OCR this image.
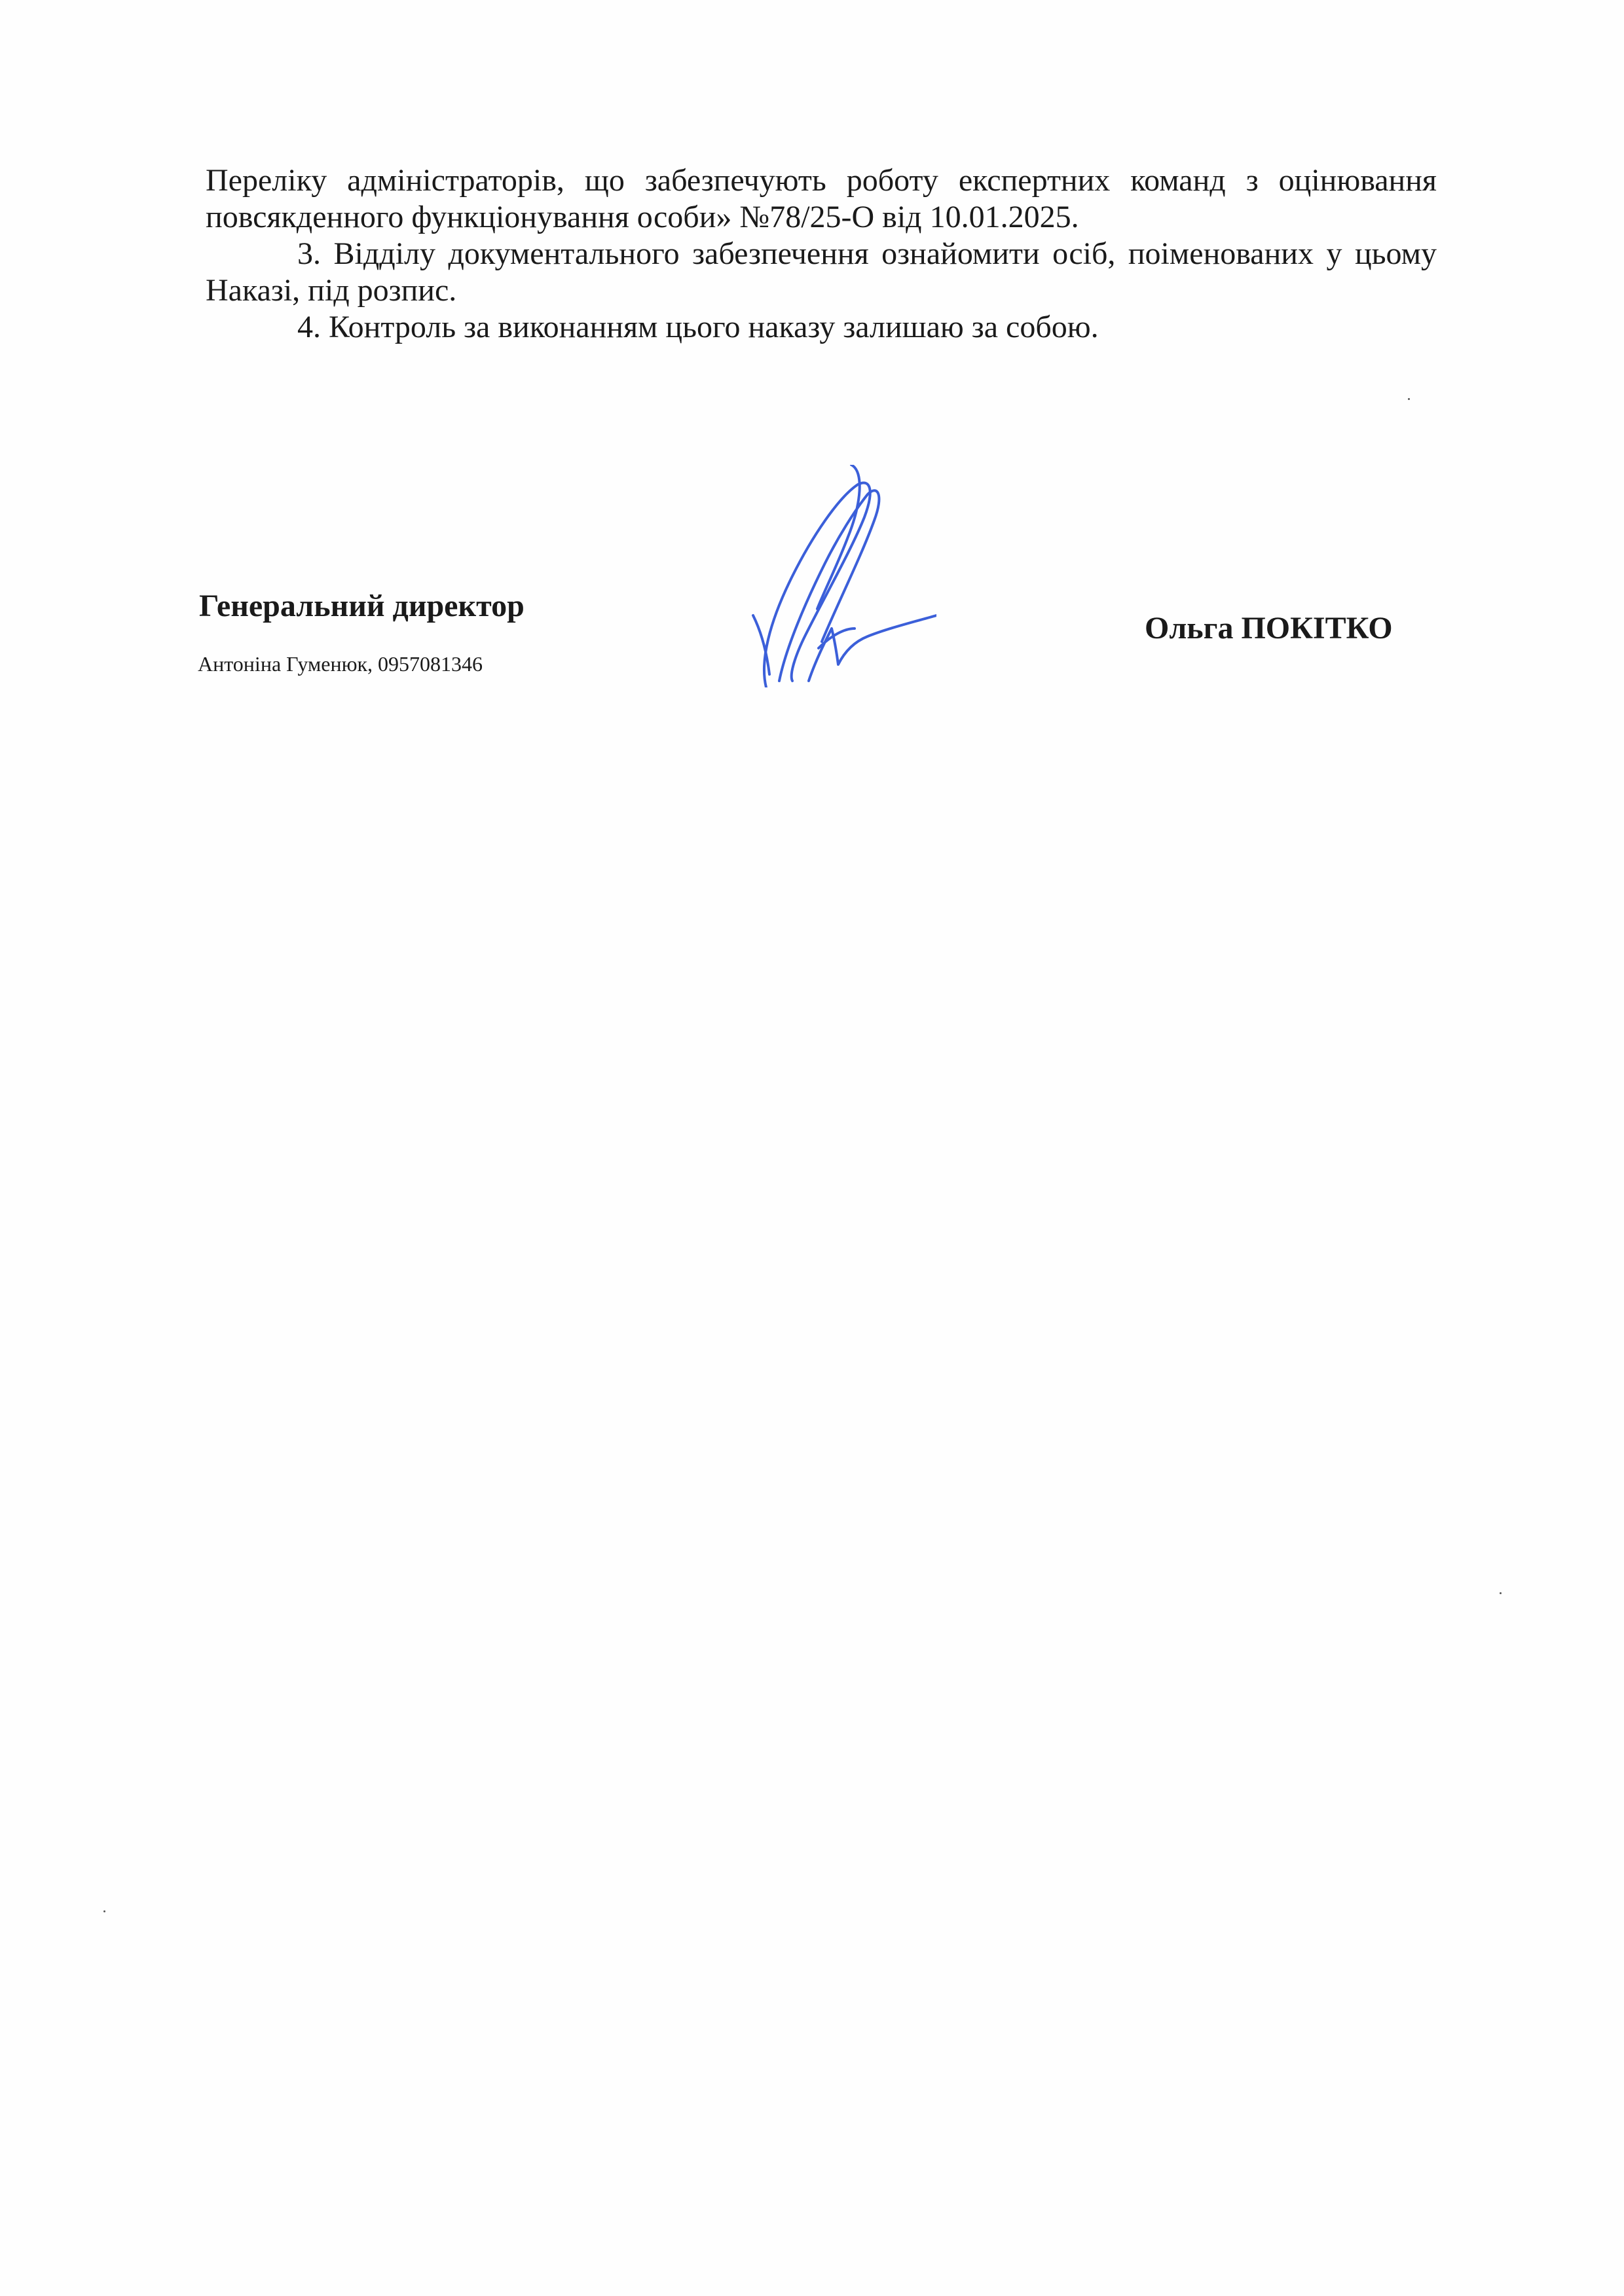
Переліку адміністраторів, що забезпечують роботу експертних команд з оцінювання повсякденного функціонування особи» №78/25-О від 10.01.2025.

3. Відділу документального забезпечення ознайомити осіб, поіменованих у цьому Наказі, під розпис.

4. Контроль за виконанням цього наказу залишаю за собою.

Генеральний директор
Ольга ПОКІТКО
Антоніна Гуменюк, 0957081346
